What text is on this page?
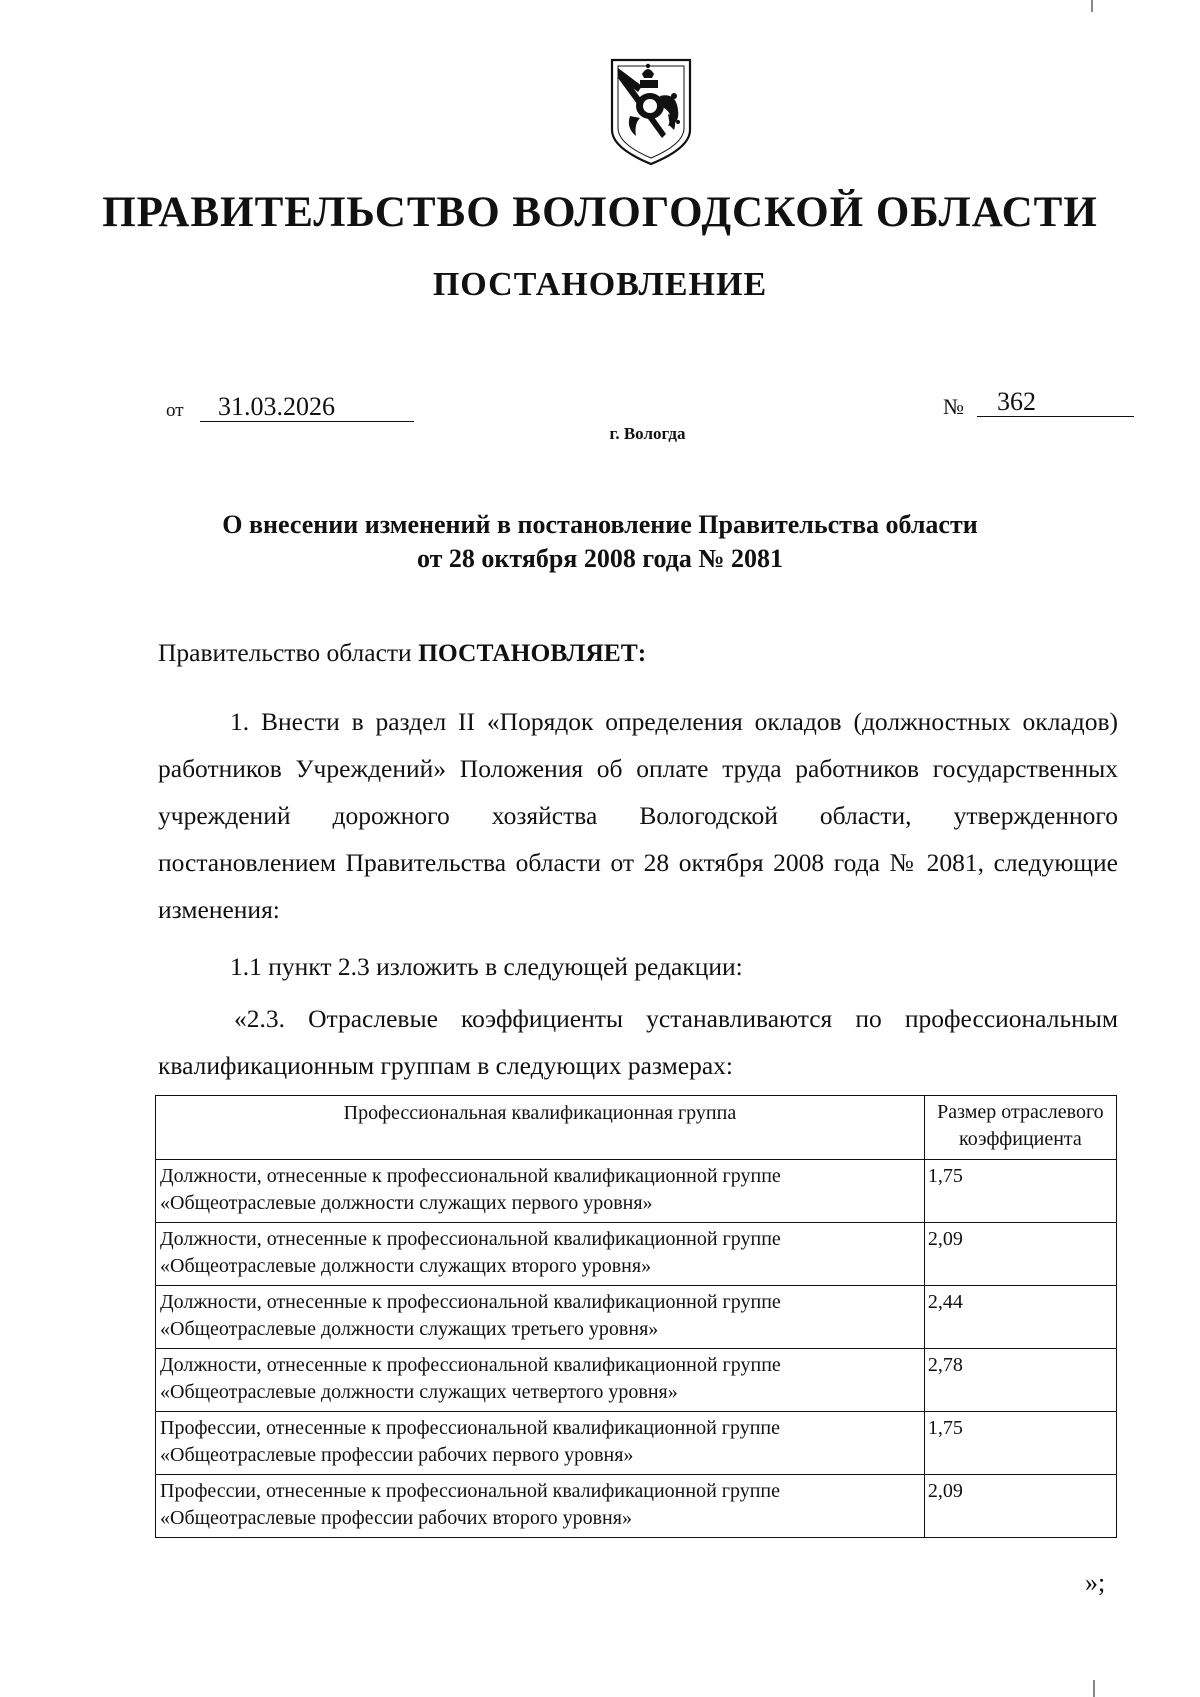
ПРАВИТЕЛЬСТВО ВОЛОГОДСКОЙ ОБЛАСТИ
ПОСТАНОВЛЕНИЕ
от	31.03.2026	№	362
г. Вологда
О внесении изменений в постановление Правительства области
от 28 октября 2008 года № 2081
Правительство области ПОСТАНОВЛЯЕТ:
1. Внести в раздел II «Порядок определения окладов (должностных окладов) работников Учреждений» Положения об оплате труда работников государственных учреждений дорожного хозяйства Вологодской области, утвержденного постановлением Правительства области от 28 октября 2008 года № 2081, следующие изменения:
1.1 пункт 2.3 изложить в следующей редакции:
«2.3. Отраслевые коэффициенты устанавливаются по профессиональным квалификационным группам в следующих размерах:
Профессиональная квалификационная группа	Размер отраслевого коэффициента
Должности, отнесенные к профессиональной квалификационной группе «Общеотраслевые должности служащих первого уровня»	1,75
Должности, отнесенные к профессиональной квалификационной группе «Общеотраслевые должности служащих второго уровня»	2,09
Должности, отнесенные к профессиональной квалификационной группе «Общеотраслевые должности служащих третьего уровня»	2,44
Должности, отнесенные к профессиональной квалификационной группе «Общеотраслевые должности служащих четвертого уровня»	2,78
Профессии, отнесенные к профессиональной квалификационной группе «Общеотраслевые профессии рабочих первого уровня»	1,75
Профессии, отнесенные к профессиональной квалификационной группе «Общеотраслевые профессии рабочих второго уровня»	2,09
»;
